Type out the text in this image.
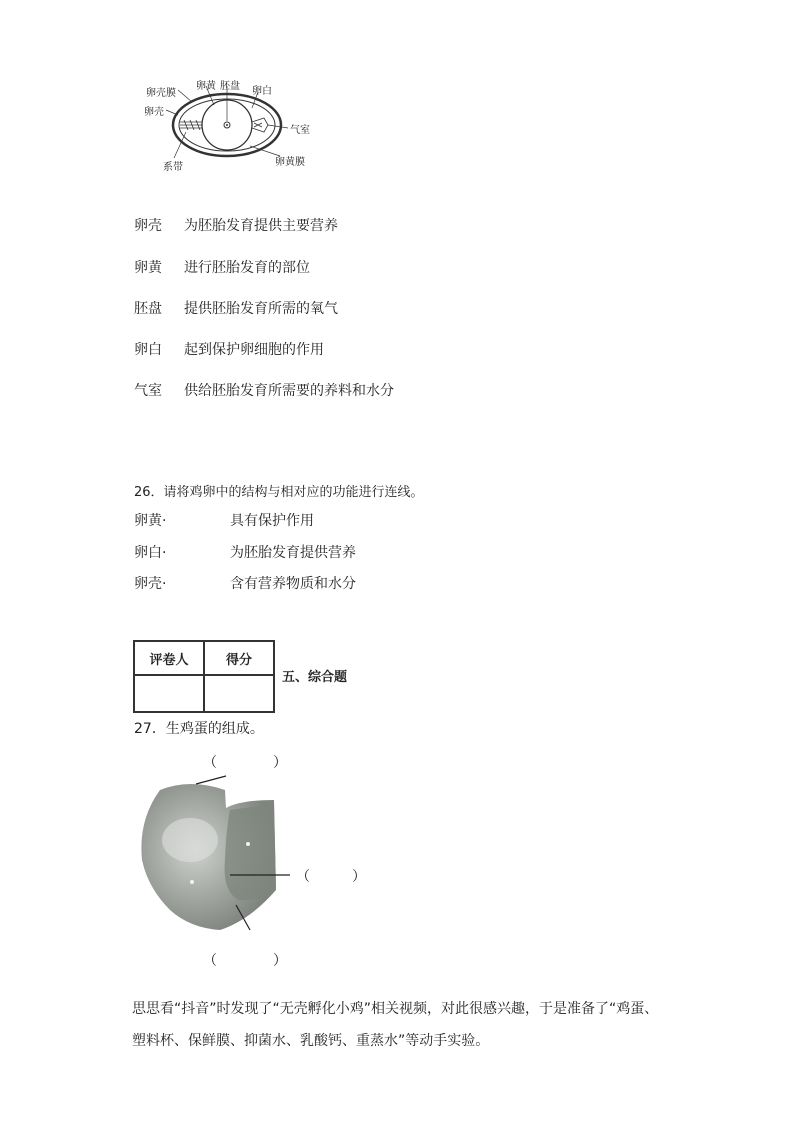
卵壳膜
卵壳
卵黄 胚盘 卵白
气室
系带	卵黄膜
卵壳 为胚胎发育提供主要营养
卵黄 进行胚胎发育的部位
胚盘 提供胚胎发育所需的氧气
卵白 起到保护卵细胞的作用
气室 供给胚胎发育所需要的养料和水分
26．请将鸡卵中的结构与相对应的功能进行连线。
卵黄·	具有保护作用
卵白·	为胚胎发育提供营养
卵壳·	含有营养物质和水分
评卷人	得分

五、综合题
27．生鸡蛋的组成。
（　　　　）
（　　　）
（　　　　）
思思看“抖音”时发现了“无壳孵化小鸡”相关视频，对此很感兴趣，于是准备了“鸡蛋、
塑料杯、保鲜膜、抑菌水、乳酸钙、重蒸水”等动手实验。
